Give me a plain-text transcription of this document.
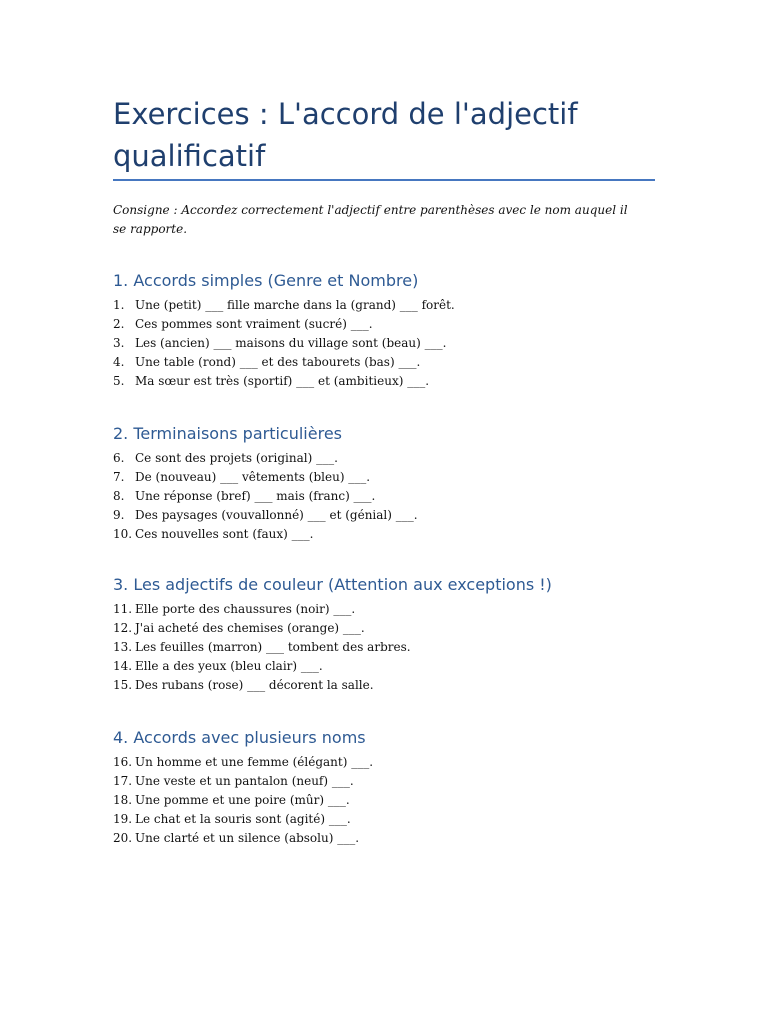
Exercices : L'accord de l'adjectif qualificatif

Consigne : Accordez correctement l'adjectif entre parenthèses avec le nom auquel il se rapporte.

1. Accords simples (Genre et Nombre)
1. Une (petit) ___ fille marche dans la (grand) ___ forêt.
2. Ces pommes sont vraiment (sucré) ___.
3. Les (ancien) ___ maisons du village sont (beau) ___.
4. Une table (rond) ___ et des tabourets (bas) ___.
5. Ma sœur est très (sportif) ___ et (ambitieux) ___.
2. Terminaisons particulières
6. Ce sont des projets (original) ___.
7. De (nouveau) ___ vêtements (bleu) ___.
8. Une réponse (bref) ___ mais (franc) ___.
9. Des paysages (vouvallonné) ___ et (génial) ___.
10. Ces nouvelles sont (faux) ___.
3. Les adjectifs de couleur (Attention aux exceptions !)
11. Elle porte des chaussures (noir) ___.
12. J'ai acheté des chemises (orange) ___.
13. Les feuilles (marron) ___ tombent des arbres.
14. Elle a des yeux (bleu clair) ___.
15. Des rubans (rose) ___ décorent la salle.
4. Accords avec plusieurs noms
16. Un homme et une femme (élégant) ___.
17. Une veste et un pantalon (neuf) ___.
18. Une pomme et une poire (mûr) ___.
19. Le chat et la souris sont (agité) ___.
20. Une clarté et un silence (absolu) ___.
